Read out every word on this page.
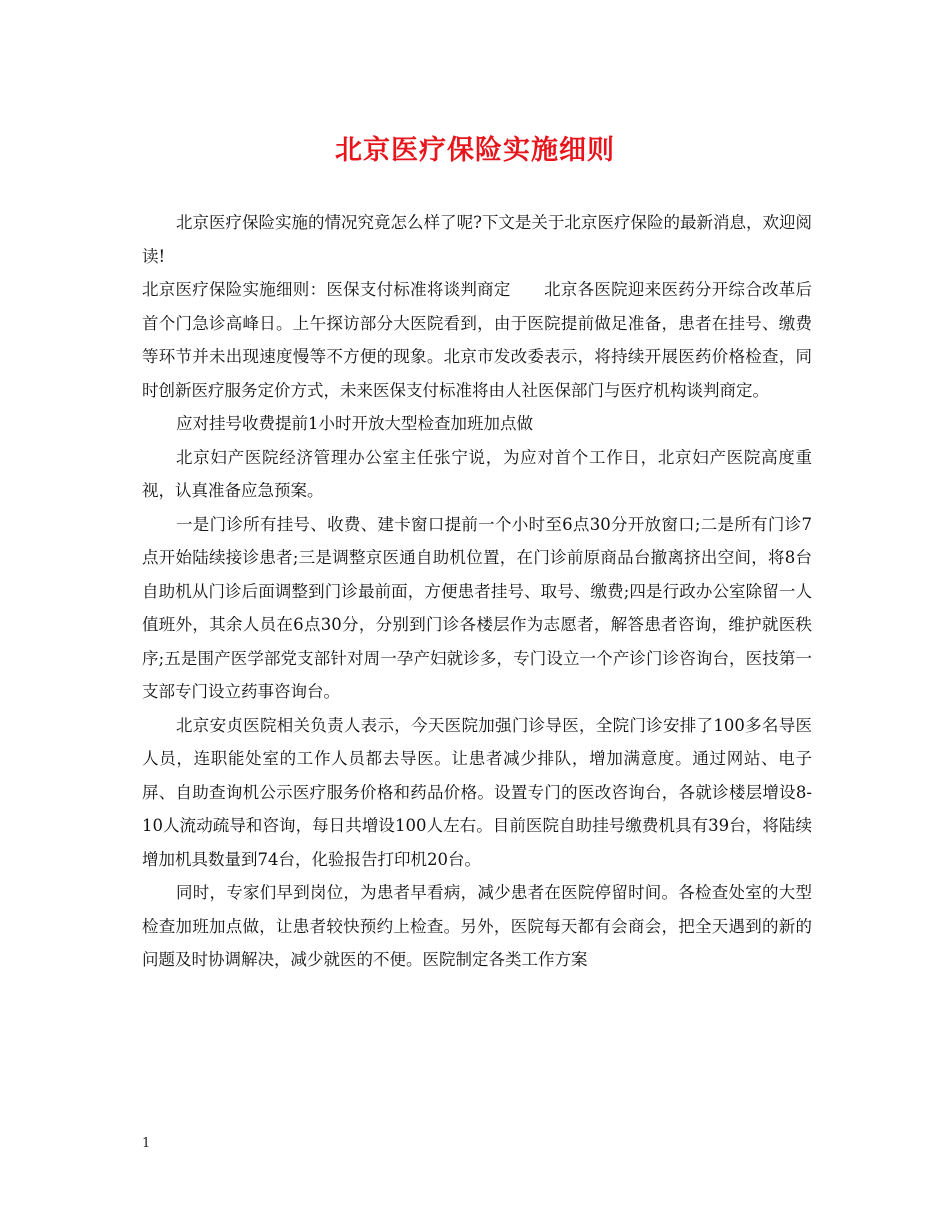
北京医疗保险实施细则

北京医疗保险实施的情况究竟怎么样了呢?下文是关于北京医疗保险的最新消息，欢迎阅读!

北京医疗保险实施细则：医保支付标准将谈判商定　　北京各医院迎来医药分开综合改革后首个门急诊高峰日。上午探访部分大医院看到，由于医院提前做足准备，患者在挂号、缴费等环节并未出现速度慢等不方便的现象。北京市发改委表示，将持续开展医药价格检查，同时创新医疗服务定价方式，未来医保支付标准将由人社医保部门与医疗机构谈判商定。

应对挂号收费提前1小时开放大型检查加班加点做

北京妇产医院经济管理办公室主任张宁说，为应对首个工作日，北京妇产医院高度重视，认真准备应急预案。

一是门诊所有挂号、收费、建卡窗口提前一个小时至6点30分开放窗口;二是所有门诊7点开始陆续接诊患者;三是调整京医通自助机位置，在门诊前原商品台撤离挤出空间，将8台自助机从门诊后面调整到门诊最前面，方便患者挂号、取号、缴费;四是行政办公室除留一人值班外，其余人员在6点30分，分别到门诊各楼层作为志愿者，解答患者咨询，维护就医秩序;五是围产医学部党支部针对周一孕产妇就诊多，专门设立一个产诊门诊咨询台，医技第一支部专门设立药事咨询台。

北京安贞医院相关负责人表示，今天医院加强门诊导医，全院门诊安排了100多名导医人员，连职能处室的工作人员都去导医。让患者减少排队，增加满意度。通过网站、电子屏、自助查询机公示医疗服务价格和药品价格。设置专门的医改咨询台，各就诊楼层增设8-10人流动疏导和咨询，每日共增设100人左右。目前医院自助挂号缴费机具有39台，将陆续增加机具数量到74台，化验报告打印机20台。

同时，专家们早到岗位，为患者早看病，减少患者在医院停留时间。各检查处室的大型检查加班加点做，让患者较快预约上检查。另外，医院每天都有会商会，把全天遇到的新的问题及时协调解决，减少就医的不便。医院制定各类工作方案

1
